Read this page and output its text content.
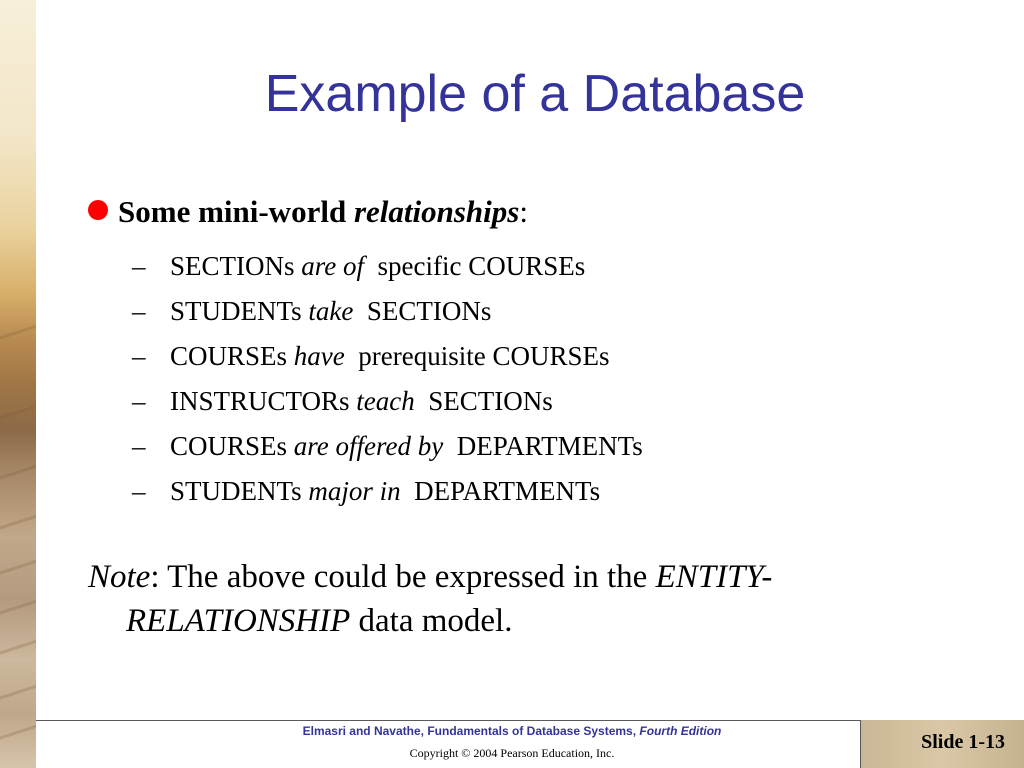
Example of a Database
Some mini-world relationships:
– SECTIONs are of specific COURSEs
– STUDENTs take SECTIONs
– COURSEs have prerequisite COURSEs
– INSTRUCTORs teach SECTIONs
– COURSEs are offered by DEPARTMENTs
– STUDENTs major in DEPARTMENTs
Note: The above could be expressed in the ENTITY-RELATIONSHIP data model.
Elmasri and Navathe, Fundamentals of Database Systems, Fourth Edition
Copyright © 2004 Pearson Education, Inc.	Slide 1-13
